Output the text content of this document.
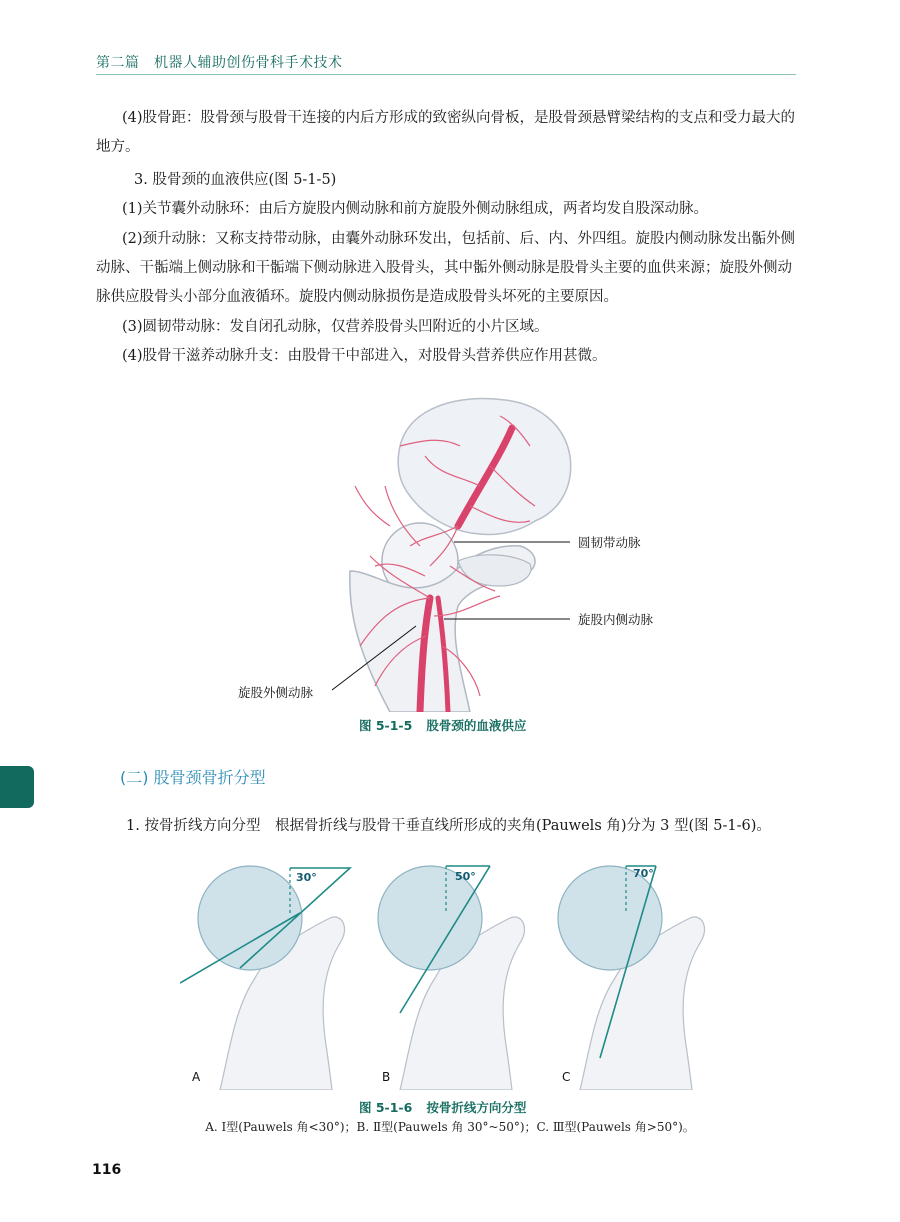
第二篇　机器人辅助创伤骨科手术技术

(4)股骨距：股骨颈与股骨干连接的内后方形成的致密纵向骨板，是股骨颈悬臂梁结构的支点和受力最大的地方。

3. 股骨颈的血液供应(图 5-1-5)

(1)关节囊外动脉环：由后方旋股内侧动脉和前方旋股外侧动脉组成，两者均发自股深动脉。

(2)颈升动脉：又称支持带动脉，由囊外动脉环发出，包括前、后、内、外四组。旋股内侧动脉发出骺外侧动脉、干骺端上侧动脉和干骺端下侧动脉进入股骨头，其中骺外侧动脉是股骨头主要的血供来源；旋股外侧动脉供应股骨头小部分血液循环。旋股内侧动脉损伤是造成股骨头坏死的主要原因。

(3)圆韧带动脉：发自闭孔动脉，仅营养股骨头凹附近的小片区域。

(4)股骨干滋养动脉升支：由股骨干中部进入，对股骨头营养供应作用甚微。

圆韧带动脉
旋股内侧动脉
旋股外侧动脉
图 5-1-5 股骨颈的血液供应
(二) 股骨颈骨折分型

1. 按骨折线方向分型　根据骨折线与股骨干垂直线所形成的夹角(Pauwels 角)分为 3 型(图 5-1-6)。

30°	50°	70°
A	B	C
图 5-1-6 按骨折线方向分型
A. Ⅰ型(Pauwels 角<30°)；B. Ⅱ型(Pauwels 角 30°~50°)；C. Ⅲ型(Pauwels 角>50°)。
116
